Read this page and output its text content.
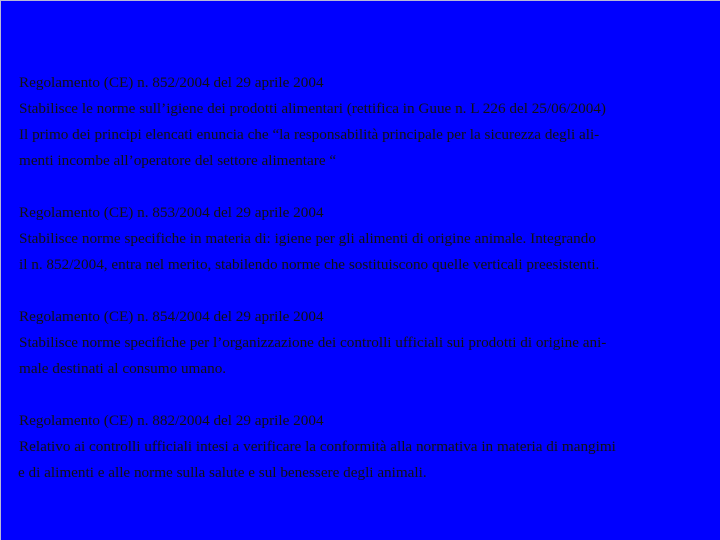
Regolamento (CE) n. 852/2004 del 29 aprile 2004
Stabilisce le norme sull’igiene dei prodotti alimentari (rettifica in Guue n. L 226 del 25/06/2004)
Il primo dei principi elencati enuncia che “la responsabilità principale per la sicurezza degli ali-
menti incombe all’operatore del settore alimentare “
Regolamento (CE) n. 853/2004 del 29 aprile 2004
Stabilisce norme specifiche in materia di: igiene per gli alimenti di origine animale. Integrando
il n. 852/2004, entra nel merito, stabilendo norme che sostituiscono quelle verticali preesistenti.
Regolamento (CE) n. 854/2004 del 29 aprile 2004
Stabilisce norme specifiche per l’organizzazione dei controlli ufficiali sui prodotti di origine ani-
male destinati al consumo umano.
Regolamento (CE) n. 882/2004 del 29 aprile 2004
Relativo ai controlli ufficiali intesi a verificare la conformità alla normativa in materia di mangimi
e di alimenti e alle norme sulla salute e sul benessere degli animali.
